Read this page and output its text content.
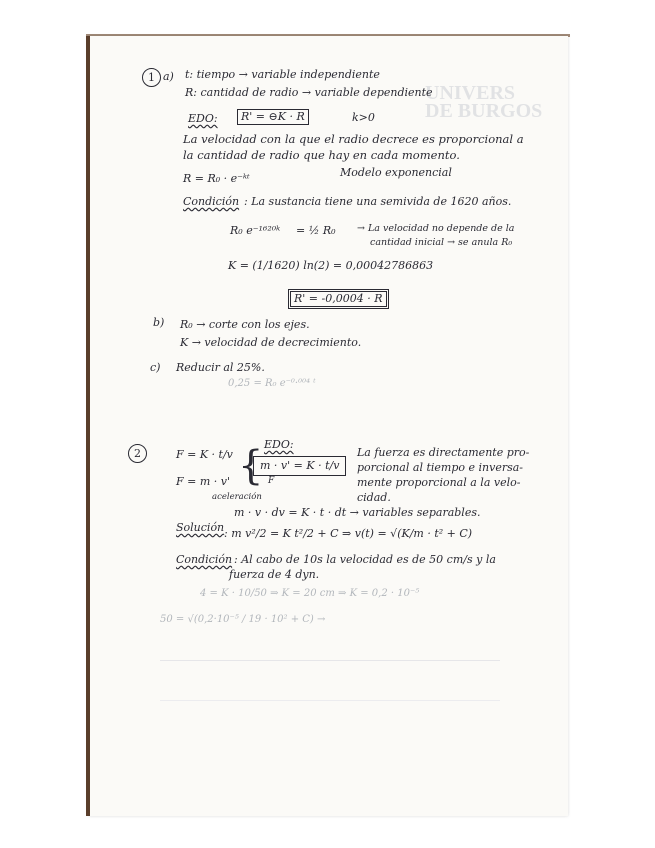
UNIVERS
DE BURGOS
1 a) t: tiempo → variable independiente
R: cantidad de radio → variable dependiente
EDO:	R' = ⊖K · R	k>0
La velocidad con la que el radio decrece es proporcional a
la cantidad de radio que hay en cada momento.
R = R₀ · e⁻ᵏᵗ	Modelo exponencial
Condición : La sustancia tiene una semivida de 1620 años.
R₀ e⁻¹⁶²⁰ᵏ = ½ R₀ → La velocidad no depende de la
cantidad inicial → se anula R₀
K = (1/1620) ln(2) = 0,00042786863
R' = -0,0004 · R
b) R₀ → corte con los ejes.
K → velocidad de decrecimiento.
c) Reducir al 25%.
0,25 = R₀ e⁻⁰·⁰⁰⁴ ᵗ
2	F = K · t/v
F = m · v'
aceleración
{ EDO:
m · v' = K · t/v
F
La fuerza es directamente pro-
porcional al tiempo e inversa-
mente proporcional a la velo-
cidad.
m · v · dv = K · t · dt → variables separables.
Solución : m v²/2 = K t²/2 + C ⇒ v(t) = √(K/m · t² + C)
Condición : Al cabo de 10s la velocidad es de 50 cm/s y la
fuerza de 4 dyn.
4 = K · 10/50 ⇒ K = 20 cm ⇒ K = 0,2 · 10⁻⁵
50 = √(0,2·10⁻⁵ / 19 · 10² + C) →
